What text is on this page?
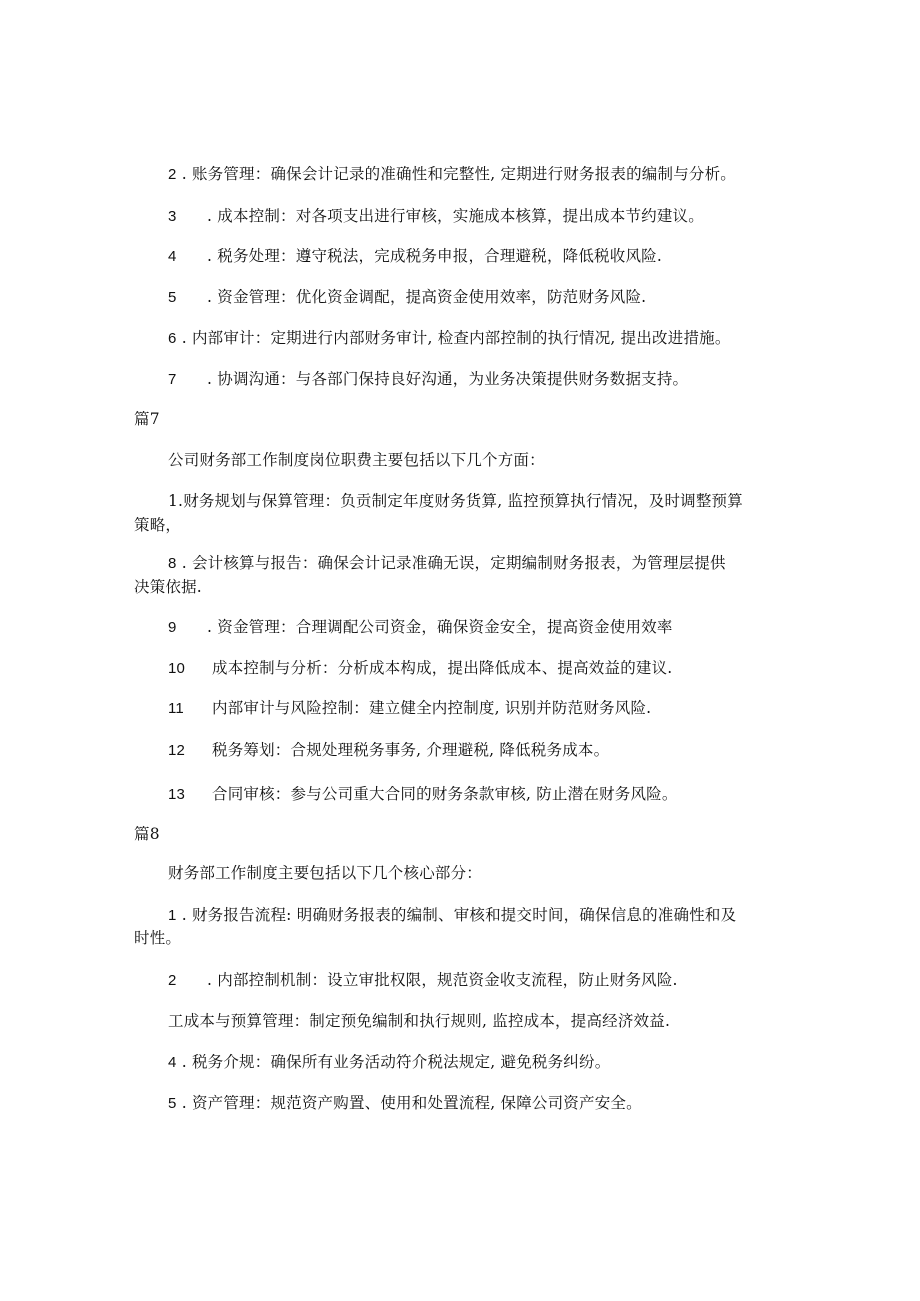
2 . 账务管理：确保会计记录的准确性和完整性, 定期进行财务报表的编制与分析。
3 . 成本控制：对各项支出进行审核，实施成本核算，提出成本节约建议。
4 . 税务处理：遵守税法，完成税务申报，合理避税，降低税收风险.
5 . 资金管理：优化资金调配，提高资金使用效率，防范财务风险.
6 . 内部审计：定期进行内部财务审计, 检查内部控制的执行情况, 提出改进措施。
7 . 协调沟通：与各部门保持良好沟通，为业务决策提供财务数据支持。
篇7
公司财务部工作制度岗位职费主要包括以下几个方面：
1.财务规划与保算管理：负贡制定年度财务货算, 监控预算执行情况，及时调整预算
策略，
8 . 会计核算与报告：确保会计记录准确无误，定期编制财务报表，为管理层提供
决策依据.
9 . 资金管理：合理调配公司资金，确保资金安全，提高资金使用效率
10 成本控制与分析：分析成本构成，提出降低成本、提高效益的建议.
11 内部审计与风险控制：建立健全内控制度, 识别并防范财务风险.
12 税务筹划：合规处理税务事务, 介理避税, 降低税务成本。
13 合同审核：参与公司重大合同的财务条款审核, 防止潜在财务风险。
篇8
财务部工作制度主要包括以下几个核心部分：
1 . 财务报告流程: 明确财务报表的编制、审核和提交时间，确保信息的准确性和及
时性。
2 . 内部控制机制：设立审批权限，规范资金收支流程，防止财务风险.
工成本与预算管理：制定预免编制和执行规则, 监控成本，提高经济效益.
4 . 税务介规：确保所有业务活动符介税法规定, 避免税务纠纷。
5 . 资产管理：规范资产购置、使用和处置流程, 保障公司资产安全。
